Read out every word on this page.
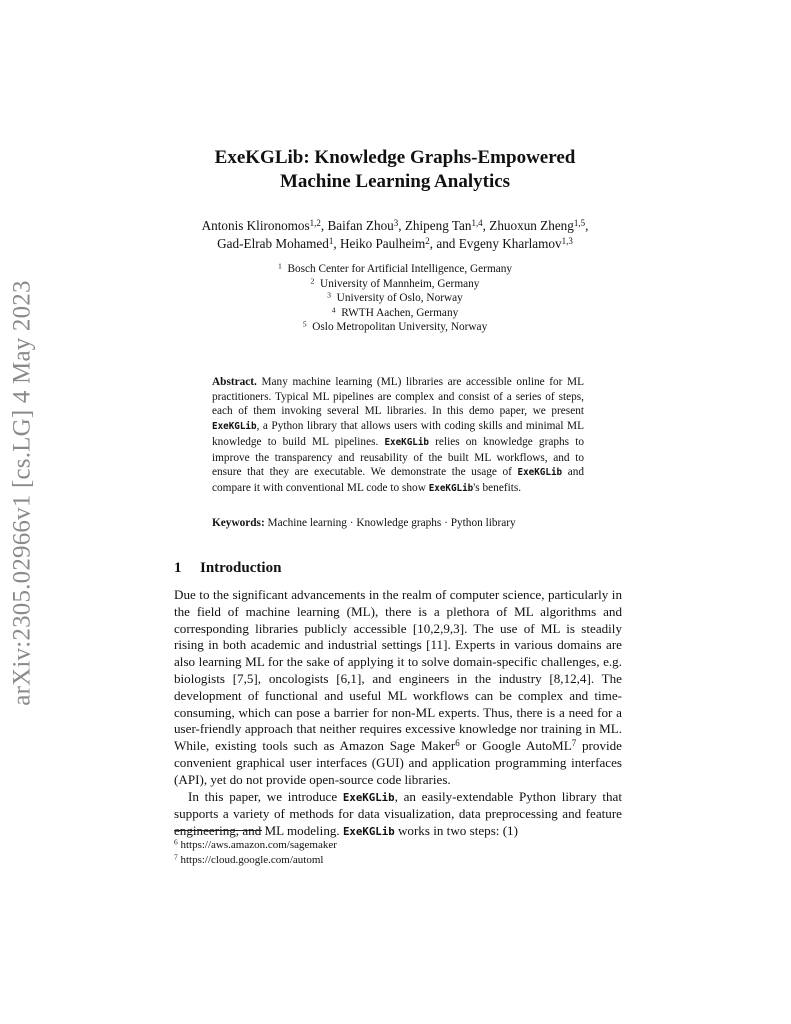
arXiv:2305.02966v1 [cs.LG] 4 May 2023
ExeKGLib: Knowledge Graphs-Empowered
Machine Learning Analytics
Antonis Klironomos$^{1,2}$, Baifan Zhou$^3$, Zhipeng Tan$^{1,4}$, Zhuoxun Zheng$^{1,5}$,
Gad-Elrab Mohamed$^1$, Heiko Paulheim$^2$, and Evgeny Kharlamov$^{1,3}$
$^1$ Bosch Center for Artificial Intelligence, Germany
$^2$ University of Mannheim, Germany
$^3$ University of Oslo, Norway
$^4$ RWTH Aachen, Germany
$^5$ Oslo Metropolitan University, Norway
Abstract. Many machine learning (ML) libraries are accessible online for ML practitioners. Typical ML pipelines are complex and consist of a series of steps, each of them invoking several ML libraries. In this demo paper, we present ExeKGLib, a Python library that allows users with coding skills and minimal ML knowledge to build ML pipelines. ExeKGLib relies on knowledge graphs to improve the transparency and reusability of the built ML workflows, and to ensure that they are executable. We demonstrate the usage of ExeKGLib and compare it with conventional ML code to show ExeKGLib's benefits.
Keywords: Machine learning · Knowledge graphs · Python library
1 Introduction

Due to the significant advancements in the realm of computer science, particularly in the field of machine learning (ML), there is a plethora of ML algorithms and corresponding libraries publicly accessible [10,2,9,3]. The use of ML is steadily rising in both academic and industrial settings [11]. Experts in various domains are also learning ML for the sake of applying it to solve domain-specific challenges, e.g. biologists [7,5], oncologists [6,1], and engineers in the industry [8,12,4]. The development of functional and useful ML workflows can be complex and time-consuming, which can pose a barrier for non-ML experts. Thus, there is a need for a user-friendly approach that neither requires excessive knowledge nor training in ML. While, existing tools such as Amazon Sage Maker$^6$ or Google AutoML$^7$ provide convenient graphical user interfaces (GUI) and application programming interfaces (API), yet do not provide open-source code libraries.

In this paper, we introduce ExeKGLib, an easily-extendable Python library that supports a variety of methods for data visualization, data preprocessing and feature engineering, and ML modeling. ExeKGLib works in two steps: (1)

$^6$ https://aws.amazon.com/sagemaker
$^7$ https://cloud.google.com/automl
